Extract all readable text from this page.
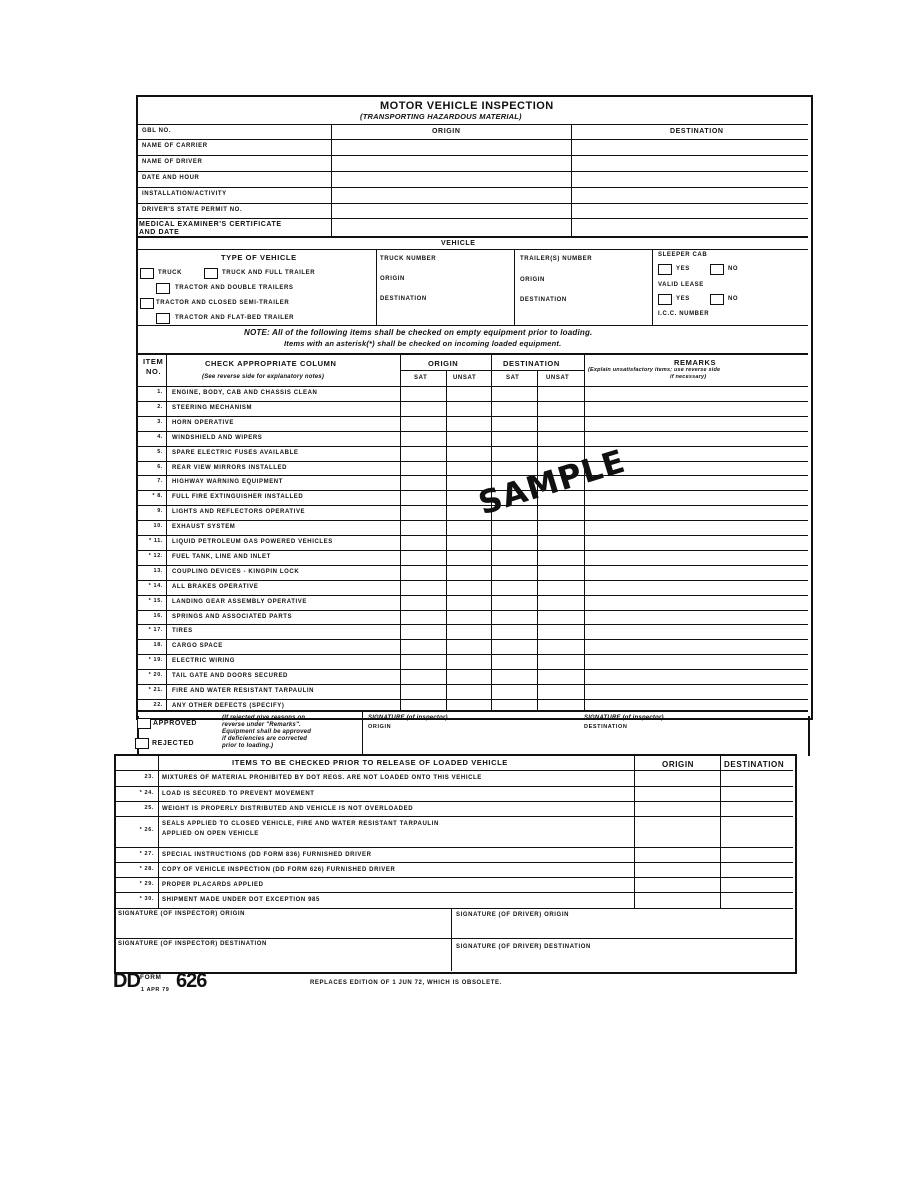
MOTOR VEHICLE INSPECTION
(TRANSPORTING HAZARDOUS MATERIAL)
GBL NO.	ORIGIN	DESTINATION
NAME OF CARRIER
NAME OF DRIVER
DATE AND HOUR
INSTALLATION/ACTIVITY
DRIVER'S STATE PERMIT NO.
MEDICAL EXAMINER'S CERTIFICATE
AND DATE
VEHICLE
TYPE OF VEHICLE
TRUCK	TRUCK AND FULL TRAILER
TRACTOR AND DOUBLE TRAILERS
TRACTOR AND CLOSED SEMI-TRAILER
TRACTOR AND FLAT-BED TRAILER
TRUCK NUMBER
ORIGIN
DESTINATION
TRAILER(S) NUMBER
ORIGIN
DESTINATION
SLEEPER CAB
YES	NO
VALID LEASE
YES	NO
I.C.C. NUMBER
NOTE: All of the following items shall be checked on empty equipment prior to loading.
Items with an asterisk(*) shall be checked on incoming loaded equipment.
ITEM
NO.
CHECK APPROPRIATE COLUMN
(See reverse side for explanatory notes)
ORIGIN	DESTINATION
SAT	UNSAT	SAT	UNSAT
REMARKS
(Explain unsatisfactory items; use reverse side
if necessary)
1. ENGINE, BODY, CAB AND CHASSIS CLEAN
2. STEERING MECHANISM
3. HORN OPERATIVE
4. WINDSHIELD AND WIPERS
5. SPARE ELECTRIC FUSES AVAILABLE
6. REAR VIEW MIRRORS INSTALLED
7. HIGHWAY WARNING EQUIPMENT
* 8. FULL FIRE EXTINGUISHER INSTALLED
9. LIGHTS AND REFLECTORS OPERATIVE
10. EXHAUST SYSTEM
* 11. LIQUID PETROLEUM GAS POWERED VEHICLES
* 12. FUEL TANK, LINE AND INLET
13. COUPLING DEVICES - KINGPIN LOCK
* 14. ALL BRAKES OPERATIVE
* 15. LANDING GEAR ASSEMBLY OPERATIVE
16. SPRINGS AND ASSOCIATED PARTS
* 17. TIRES
18. CARGO SPACE
* 19. ELECTRIC WIRING
* 20. TAIL GATE AND DOORS SECURED
* 21. FIRE AND WATER RESISTANT TARPAULIN
22. ANY OTHER DEFECTS (SPECIFY)
APPROVED
REJECTED
(If rejected give reasons on
reverse under "Remarks".
Equipment shall be approved
if deficiencies are corrected
prior to loading.)
SIGNATURE (of inspector)
ORIGIN
SIGNATURE (of inspector)
DESTINATION
ITEMS TO BE CHECKED PRIOR TO RELEASE OF LOADED VEHICLE	ORIGIN	DESTINATION
23. MIXTURES OF MATERIAL PROHIBITED BY DOT REGS. ARE NOT LOADED ONTO THIS VEHICLE
* 24. LOAD IS SECURED TO PREVENT MOVEMENT
25. WEIGHT IS PROPERLY DISTRIBUTED AND VEHICLE IS NOT OVERLOADED
* 26.
SEALS APPLIED TO CLOSED VEHICLE, FIRE AND WATER RESISTANT TARPAULIN
APPLIED ON OPEN VEHICLE
* 27. SPECIAL INSTRUCTIONS (DD FORM 836) FURNISHED DRIVER
* 28. COPY OF VEHICLE INSPECTION (DD FORM 626) FURNISHED DRIVER
* 29. PROPER PLACARDS APPLIED
* 30. SHIPMENT MADE UNDER DOT EXCEPTION 985
SIGNATURE (OF INSPECTOR) ORIGIN	SIGNATURE (OF DRIVER) ORIGIN
SIGNATURE (OF INSPECTOR) DESTINATION	SIGNATURE (OF DRIVER) DESTINATION
DD FORM 626
1 APR 79
REPLACES EDITION OF 1 JUN 72, WHICH IS OBSOLETE.
SAMPLE
